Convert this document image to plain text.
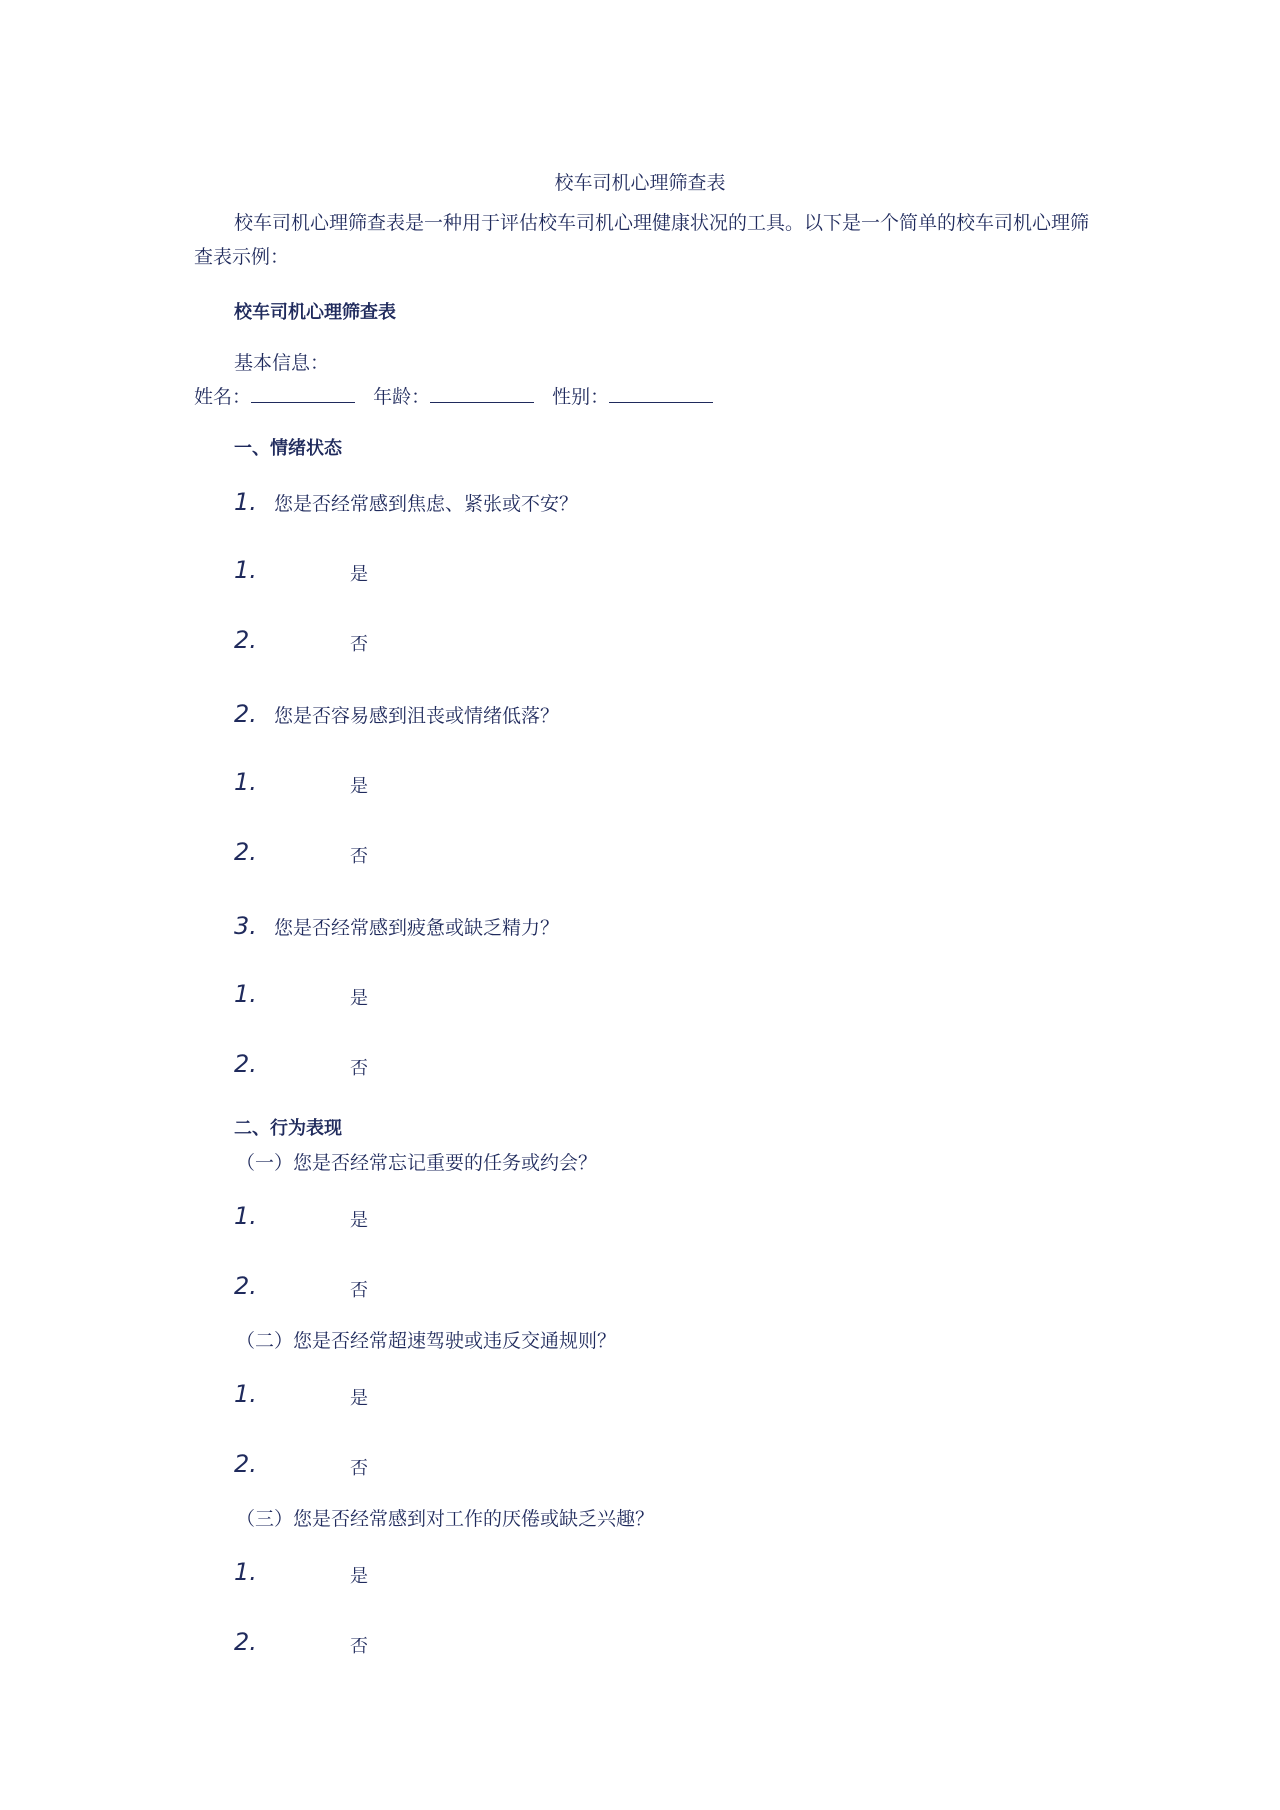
校车司机心理筛查表
校车司机心理筛查表是一种用于评估校车司机心理健康状况的工具。以下是一个简单的校车司机心理筛查表示例：
校车司机心理筛查表
基本信息：
姓名：	年龄：	性别：
一、情绪状态
1. 您是否经常感到焦虑、紧张或不安？
1.	是
2.	否
2. 您是否容易感到沮丧或情绪低落？
1.	是
2.	否
3. 您是否经常感到疲惫或缺乏精力？
1.	是
2.	否
二、行为表现
（一）您是否经常忘记重要的任务或约会？
1.	是
2.	否
（二）您是否经常超速驾驶或违反交通规则？
1.	是
2.	否
（三）您是否经常感到对工作的厌倦或缺乏兴趣？
1.	是
2.	否
